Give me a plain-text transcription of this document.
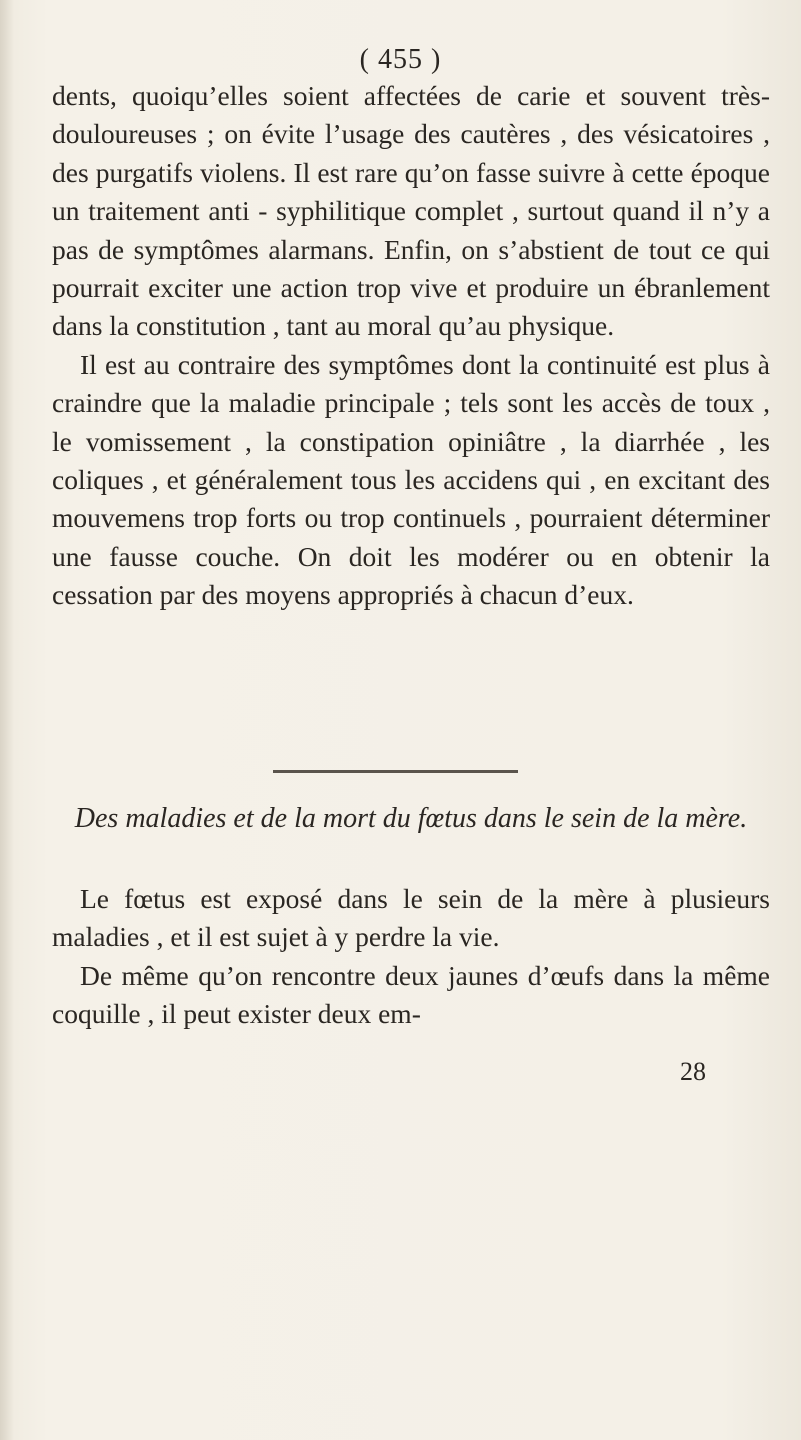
( 455 )

dents, quoiqu’elles soient affectées de carie et souvent très-douloureuses ; on évite l’usage des cautères , des vésicatoires , des purgatifs violens. Il est rare qu’on fasse suivre à cette époque un traitement anti - syphilitique complet , surtout quand il n’y a pas de symptômes alarmans. Enfin, on s’abstient de tout ce qui pourrait exciter une action trop vive et produire un ébranlement dans la constitution , tant au moral qu’au physique.

Il est au contraire des symptômes dont la continuité est plus à craindre que la maladie principale ; tels sont les accès de toux , le vomissement , la constipation opiniâtre , la diarrhée , les coliques , et généralement tous les accidens qui , en excitant des mouvemens trop forts ou trop continuels , pourraient déterminer une fausse couche. On doit les modérer ou en obtenir la cessation par des moyens appropriés à chacun d’eux.

Des maladies et de la mort du fœtus dans le sein de la mère.

Le fœtus est exposé dans le sein de la mère à plusieurs maladies , et il est sujet à y perdre la vie.

De même qu’on rencontre deux jaunes d’œufs dans la même coquille , il peut exister deux em-

28
